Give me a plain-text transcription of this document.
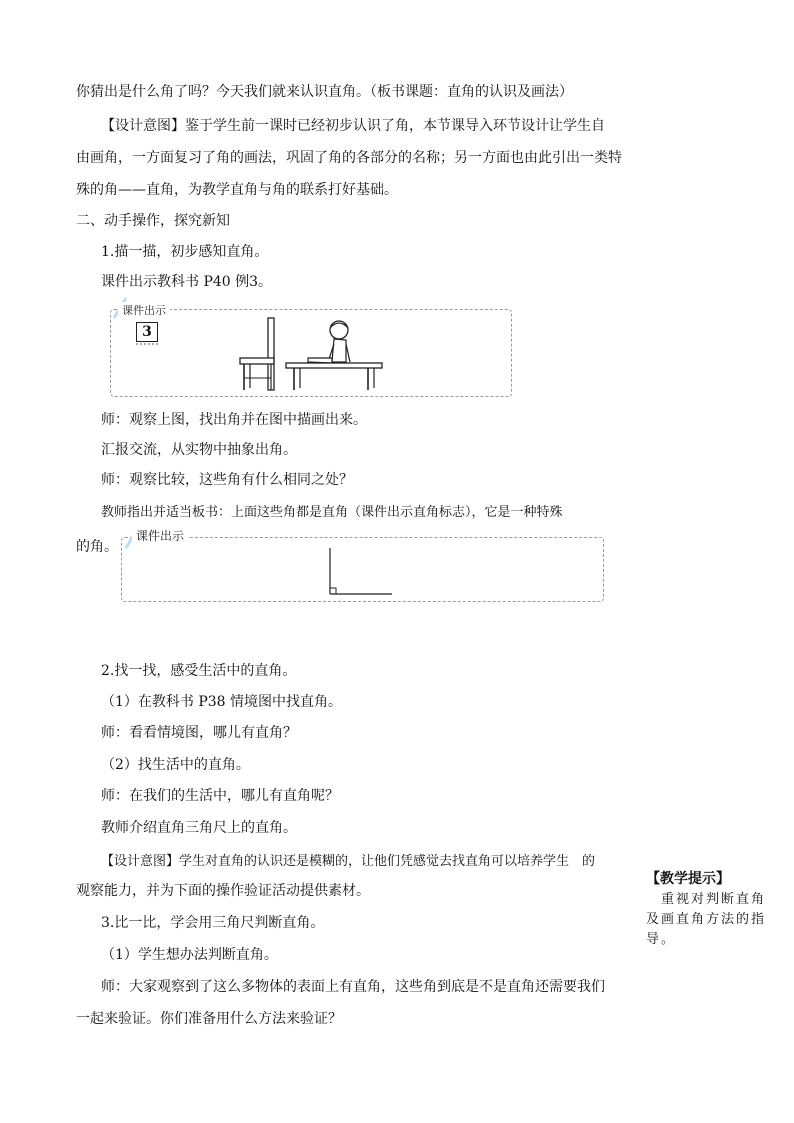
你猜出是什么角了吗？今天我们就来认识直角。（板书课题：直角的认识及画法）
【设计意图】鉴于学生前一课时已经初步认识了角，本节课导入环节设计让学生自
由画角，一方面复习了角的画法，巩固了角的各部分的名称；另一方面也由此引出一类特
殊的角——直角，为教学直角与角的联系打好基础。
二、动手操作，探究新知
1.描一描，初步感知直角。
课件出示教科书 P40 例3。
课件出示
3
师：观察上图，找出角并在图中描画出来。
汇报交流，从实物中抽象出角。
师：观察比较，这些角有什么相同之处？
教师指出并适当板书：上面这些角都是直角（课件出示直角标志），它是一种特殊
的角。
课件出示
2.找一找，感受生活中的直角。
（1）在教科书 P38 情境图中找直角。
师：看看情境图，哪儿有直角？
（2）找生活中的直角。
师：在我们的生活中，哪儿有直角呢？
教师介绍直角三角尺上的直角。
【设计意图】学生对直角的认识还是模糊的，让他们凭感觉去找直角可以培养学生　的
观察能力，并为下面的操作验证活动提供素材。
3.比一比，学会用三角尺判断直角。
（1）学生想办法判断直角。
师：大家观察到了这么多物体的表面上有直角，这些角到底是不是直角还需要我们
一起来验证。你们准备用什么方法来验证？
【教学提示】
　重视对判断直角及画直角方法的指导。
